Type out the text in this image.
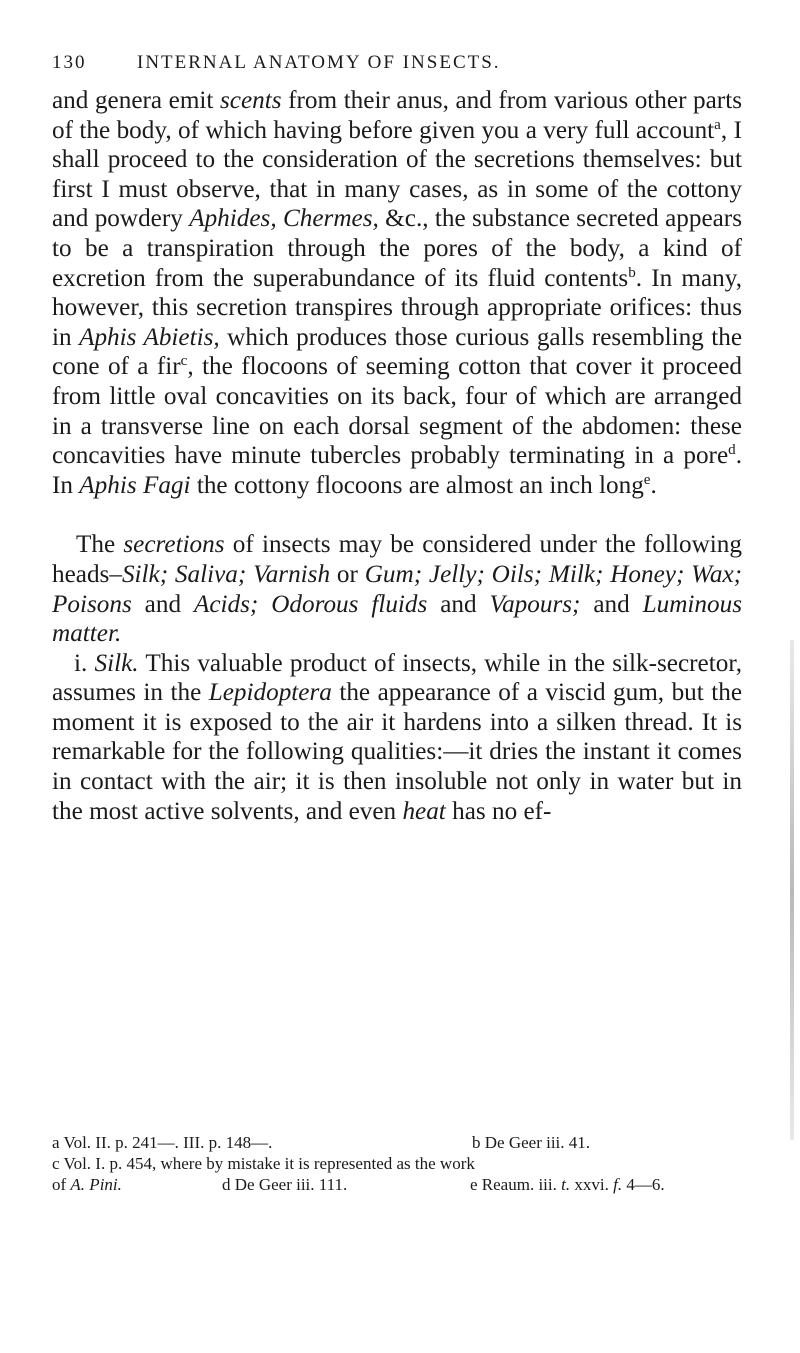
130	INTERNAL ANATOMY OF INSECTS.

and genera emit scents from their anus, and from various other parts of the body, of which having before given you a very full account$^a$, I shall proceed to the consideration of the secretions themselves: but first I must observe, that in many cases, as in some of the cottony and powdery Aphides, Chermes, &c., the substance secreted appears to be a transpiration through the pores of the body, a kind of excretion from the superabundance of its fluid contents$^b$. In many, however, this secretion transpires through appropriate orifices: thus in Aphis Abietis, which produces those curious galls resembling the cone of a fir$^c$, the flocoons of seeming cotton that cover it proceed from little oval concavities on its back, four of which are arranged in a transverse line on each dorsal segment of the abdomen: these concavities have minute tubercles probably terminating in a pore$^d$. In Aphis Fagi the cottony flocoons are almost an inch long$^e$.

The secretions of insects may be considered under the following heads–Silk; Saliva; Varnish or Gum; Jelly; Oils; Milk; Honey; Wax; Poisons and Acids; Odorous fluids and Vapours; and Luminous matter.

i. Silk. This valuable product of insects, while in the silk-secretor, assumes in the Lepidoptera the appearance of a viscid gum, but the moment it is exposed to the air it hardens into a silken thread. It is remarkable for the following qualities:—it dries the instant it comes in contact with the air; it is then insoluble not only in water but in the most active solvents, and even heat has no ef-

a Vol. II. p. 241—. III. p. 148—.	b De Geer iii. 41.
c Vol. I. p. 454, where by mistake it is represented as the work
of A. Pini.	d De Geer iii. 111.	e Reaum. iii. t. xxvi. f. 4—6.
